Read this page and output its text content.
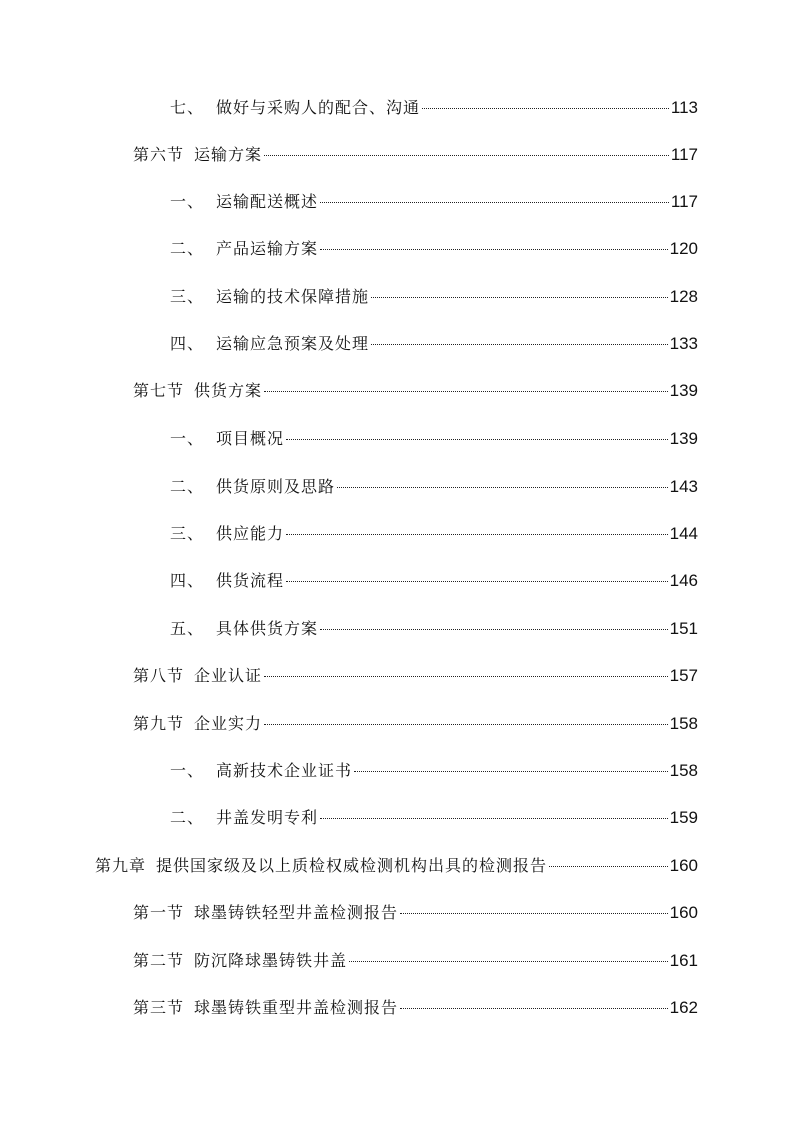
七、 做好与采购人的配合、沟通	113
第六节 运输方案	117
一、 运输配送概述	117
二、 产品运输方案	120
三、 运输的技术保障措施	128
四、 运输应急预案及处理	133
第七节 供货方案	139
一、 项目概况	139
二、 供货原则及思路	143
三、 供应能力	144
四、 供货流程	146
五、 具体供货方案	151
第八节 企业认证	157
第九节 企业实力	158
一、 高新技术企业证书	158
二、 井盖发明专利	159
第九章 提供国家级及以上质检权威检测机构出具的检测报告	160
第一节 球墨铸铁轻型井盖检测报告	160
第二节 防沉降球墨铸铁井盖	161
第三节 球墨铸铁重型井盖检测报告	162
